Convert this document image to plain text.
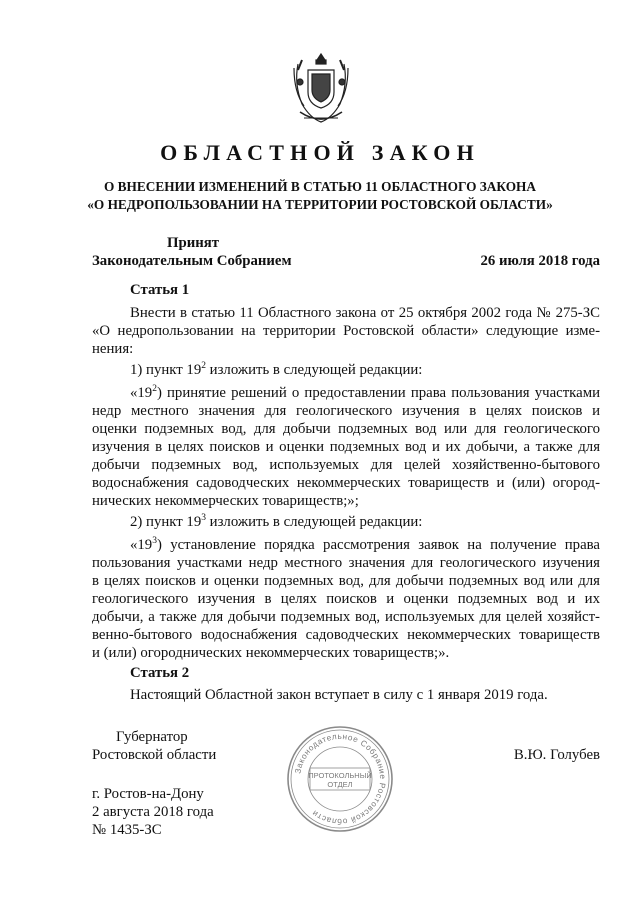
ОБЛАСТНОЙ ЗАКОН
О ВНЕСЕНИИ ИЗМЕНЕНИЙ В СТАТЬЮ 11 ОБЛАСТНОГО ЗАКОНА
«О НЕДРОПОЛЬЗОВАНИИ НА ТЕРРИТОРИИ РОСТОВСКОЙ ОБЛАСТИ»
Принят
Законодательным Собранием	26 июля 2018 года
Статья 1
Внести в статью 11 Областного закона от 25 октября 2002 года № 275-ЗС
«О недропользовании на территории Ростовской области» следующие изме-
нения:
1) пункт $19^2$ изложить в следующей редакции:
«$19^2$) принятие решений о предоставлении права пользования участками
недр местного значения для геологического изучения в целях поисков и
оценки подземных вод, для добычи подземных вод или для геологического
изучения в целях поисков и оценки подземных вод и их добычи, а также для
добычи подземных вод, используемых для целей хозяйственно-бытового
водоснабжения садоводческих некоммерческих товариществ и (или) огород-
нических некоммерческих товариществ;»;
2) пункт $19^3$ изложить в следующей редакции:
«$19^3$) установление порядка рассмотрения заявок на получение права
пользования участками недр местного значения для геологического изучения
в целях поисков и оценки подземных вод, для добычи подземных вод или для
геологического изучения в целях поисков и оценки подземных вод и их
добычи, а также для добычи подземных вод, используемых для целей хозяйст-
венно-бытового водоснабжения садоводческих некоммерческих товариществ
и (или) огороднических некоммерческих товариществ;».
Статья 2
Настоящий Областной закон вступает в силу с 1 января 2019 года.
Губернатор
Ростовской области	В.Ю. Голубев
Законодательное Собрание Ростовской области
ПРОТОКОЛЬНЫЙ
ОТДЕЛ
г. Ростов-на-Дону
2 августа 2018 года
№ 1435-ЗС
